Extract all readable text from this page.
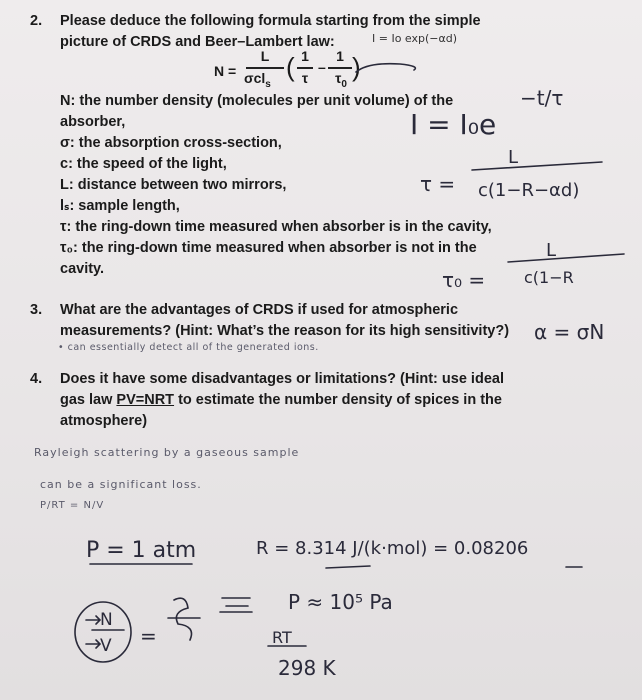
2. Please deduce the following formula starting from the simple
picture of CRDS and Beer–Lambert law:
N =
L
σcl$_s$
( 1
τ
–
1
$\tau_0$
)
N: the number density (molecules per unit volume) of the
absorber,
σ: the absorption cross-section,
c: the speed of the light,
L: distance between two mirrors,
lₛ: sample length,
τ: the ring-down time measured when absorber is in the cavity,
τ₀: the ring-down time measured when absorber is not in the
cavity.
3. What are the advantages of CRDS if used for atmospheric
measurements? (Hint: What’s the reason for its high sensitivity?)
• can essentially detect all of the generated ions.
4. Does it have some disadvantages or limitations? (Hint: use ideal
gas law PV=NRT to estimate the number density of spices in the
atmosphere)
I = Io exp(−αd)
I = I₀e
−t/τ
τ =
L
c(1−R−αd)
τ₀ =
L
c(1−R
α = σN
Rayleigh scattering by a gaseous sample
can be a significant loss.
P/RT = N/V
P = 1 atm	R = 8.314 J/(k·mol) = 0.08206
P ≈ 10⁵ Pa
N
V =	RT
298 K
